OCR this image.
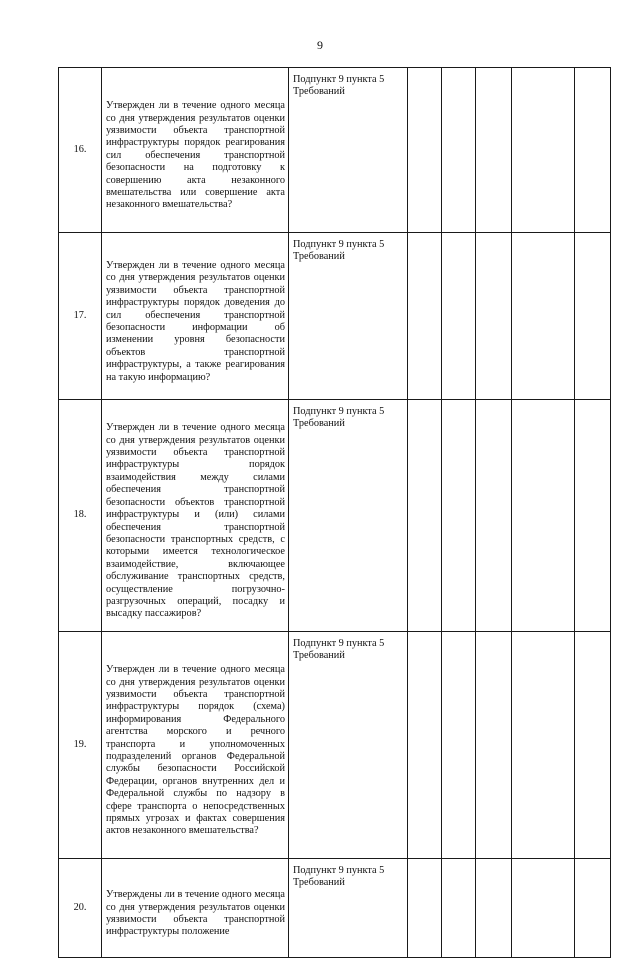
9
16.	Утвержден ли в течение одного месяца со дня утверждения результатов оценки уязвимости объекта транспортной инфраструктуры порядок реагирования сил обеспечения транспортной безопасности на подготовку к совершению акта незаконного вмешательства или совершение акта незаконного вмешательства?	Подпункт 9 пункта 5 Требований					
17.	Утвержден ли в течение одного месяца со дня утверждения результатов оценки уязвимости объекта транспортной инфраструктуры порядок доведения до сил обеспечения транспортной безопасности информации об изменении уровня безопасности объектов транспортной инфраструктуры, а также реагирования на такую информацию?	Подпункт 9 пункта 5 Требований					
18.	Утвержден ли в течение одного месяца со дня утверждения результатов оценки уязвимости объекта транспортной инфраструктуры порядок взаимодействия между силами обеспечения транспортной безопасности объектов транспортной инфраструктуры и (или) силами обеспечения транспортной безопасности транспортных средств, с которыми имеется технологическое взаимодействие, включающее обслуживание транспортных средств, осуществление погрузочно-разгрузочных операций, посадку и высадку пассажиров?	Подпункт 9 пункта 5 Требований					
19.	Утвержден ли в течение одного месяца со дня утверждения результатов оценки уязвимости объекта транспортной инфраструктуры порядок (схема) информирования Федерального агентства морского и речного транспорта и уполномоченных подразделений органов Федеральной службы безопасности Российской Федерации, органов внутренних дел и Федеральной службы по надзору в сфере транспорта о непосредственных прямых угрозах и фактах совершения актов незаконного вмешательства?	Подпункт 9 пункта 5 Требований					
20.	Утверждены ли в течение одного месяца со дня утверждения результатов оценки уязвимости объекта транспортной инфраструктуры положение	Подпункт 9 пункта 5 Требований					
